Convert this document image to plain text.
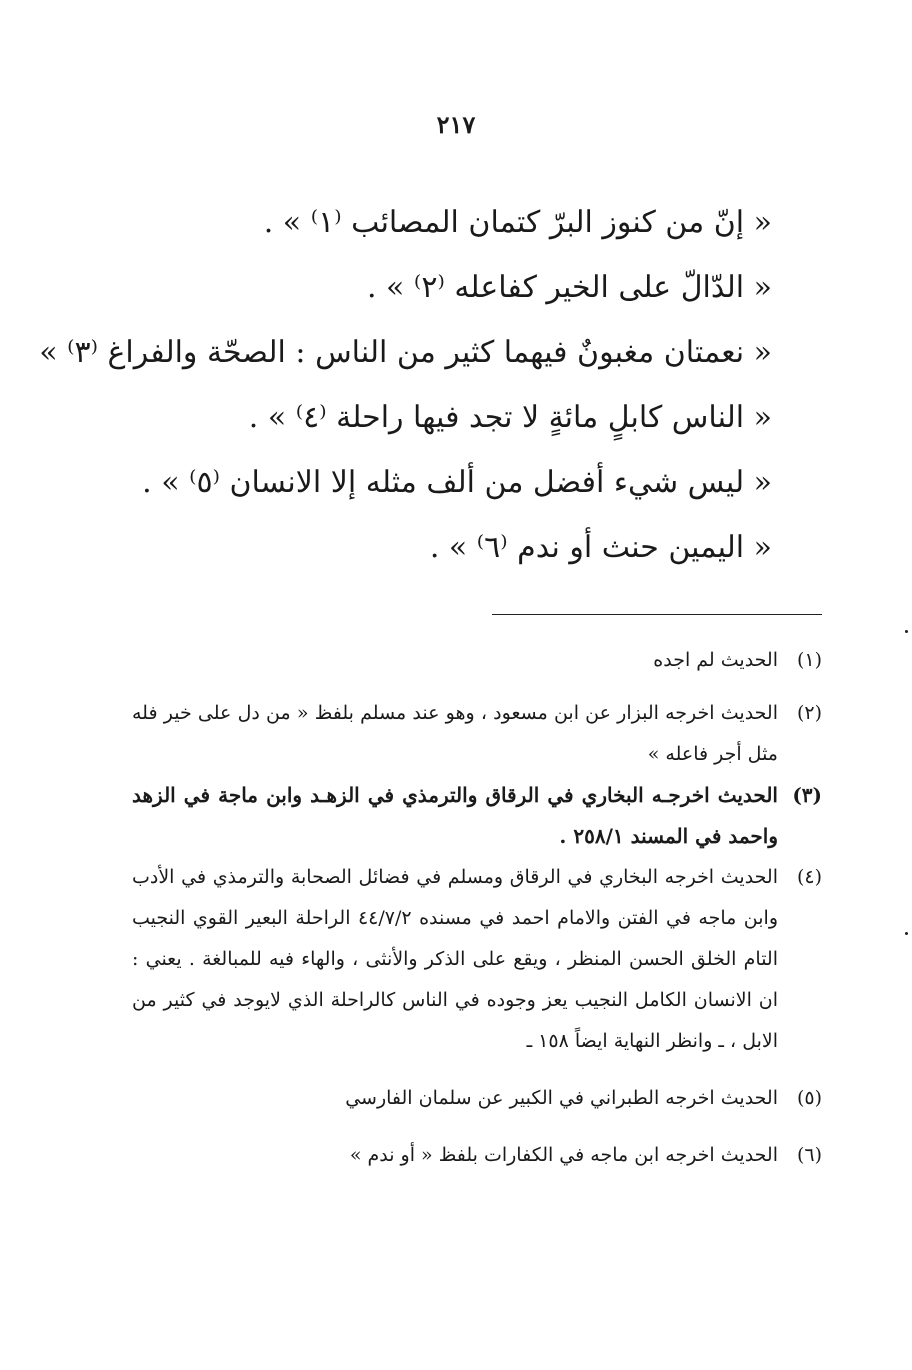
٢١٧
« إنّ من كنوز البرّ كتمان المصائب ⁽١⁾ » .
« الدّالّ على الخير كفاعله ⁽٢⁾ » .
« نعمتان مغبونٌ فيهما كثير من الناس : الصحّة والفراغ ⁽٣⁾ »
« الناس كابلٍ مائةٍ لا تجد فيها راحلة ⁽٤⁾ » .
« ليس شيء أفضل من ألف مثله إلا الانسان ⁽٥⁾ » .
« اليمين حنث أو ندم ⁽٦⁾ » .
(١)
الحديث لم اجده
(٢)
الحديث اخرجه البزار عن ابن مسعود ، وهو عند مسلم بلفظ « من دل على خير فله مثل أجر فاعله »
(٣)
الحديث اخرجـه البخاري في الرقاق والترمذي في الزهـد وابن ماجة في الزهد واحمد في المسند ٢٥٨/١ .
(٤)
الحديث اخرجه البخاري في الرقاق ومسلم في فضائل الصحابة والترمذي في الأدب وابن ماجه في الفتن والامام احمد في مسنده ٤٤/٧/٢ الراحلة البعير القوي النجيب التام الخلق الحسن المنظر ، ويقع على الذكر والأنثى ، والهاء فيه للمبالغة . يعني : ان الانسان الكامل النجيب يعز وجوده في الناس كالراحلة الذي لايوجد في كثير من الابل ، ـ وانظر النهاية ايضاً ١٥٨ ـ
(٥)
الحديث اخرجه الطبراني في الكبير عن سلمان الفارسي
(٦)
الحديث اخرجه ابن ماجه في الكفارات بلفظ « أو ندم »
